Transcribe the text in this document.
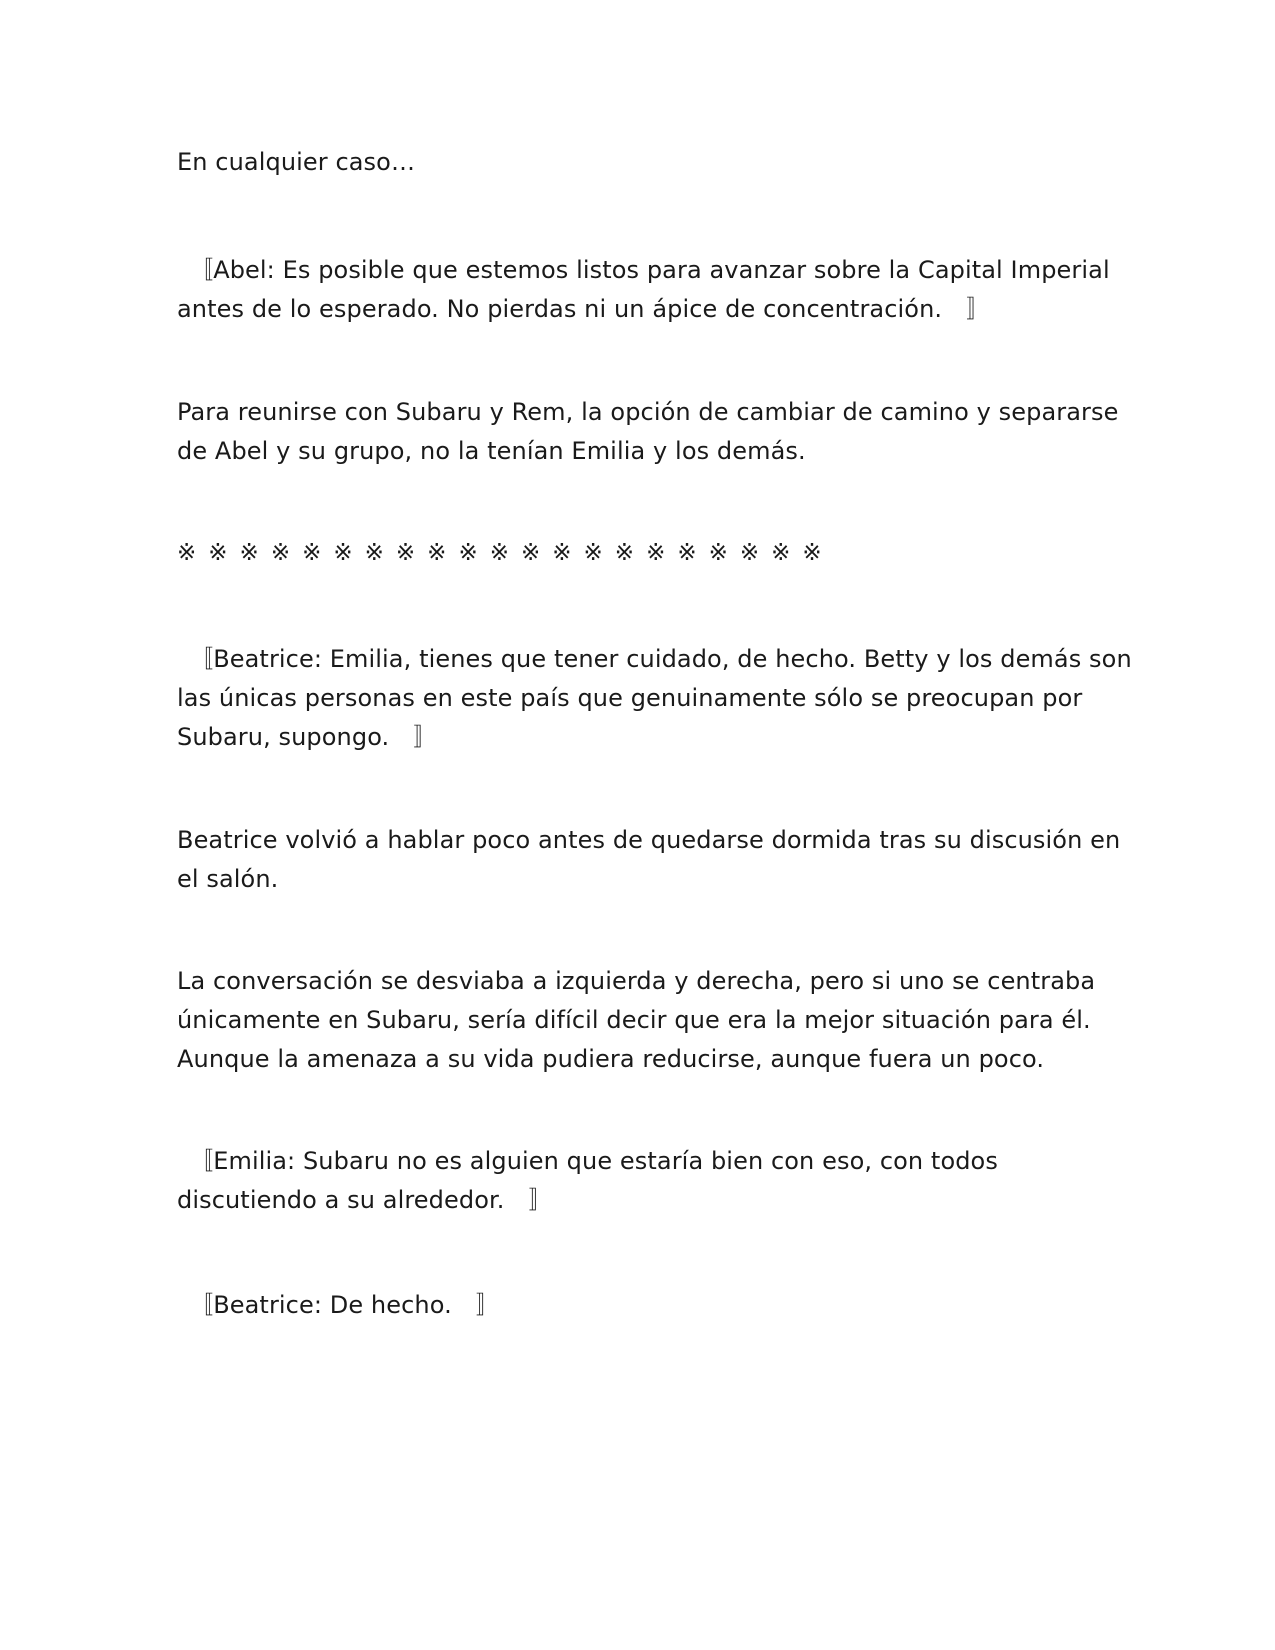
En cualquier caso…

　〚Abel: Es posible que estemos listos para avanzar sobre la Capital Imperial
antes de lo esperado. No pierdas ni un ápice de concentración.　〛

Para reunirse con Subaru y Rem, la opción de cambiar de camino y separarse
de Abel y su grupo, no la tenían Emilia y los demás.

※※※※※※※※※※※※※※※※※※※※※

　〚Beatrice: Emilia, tienes que tener cuidado, de hecho. Betty y los demás son
las únicas personas en este país que genuinamente sólo se preocupan por
Subaru, supongo.　〛

Beatrice volvió a hablar poco antes de quedarse dormida tras su discusión en
el salón.

La conversación se desviaba a izquierda y derecha, pero si uno se centraba
únicamente en Subaru, sería difícil decir que era la mejor situación para él.
Aunque la amenaza a su vida pudiera reducirse, aunque fuera un poco.

　〚Emilia: Subaru no es alguien que estaría bien con eso, con todos
discutiendo a su alrededor.　〛

　〚Beatrice: De hecho.　〛
